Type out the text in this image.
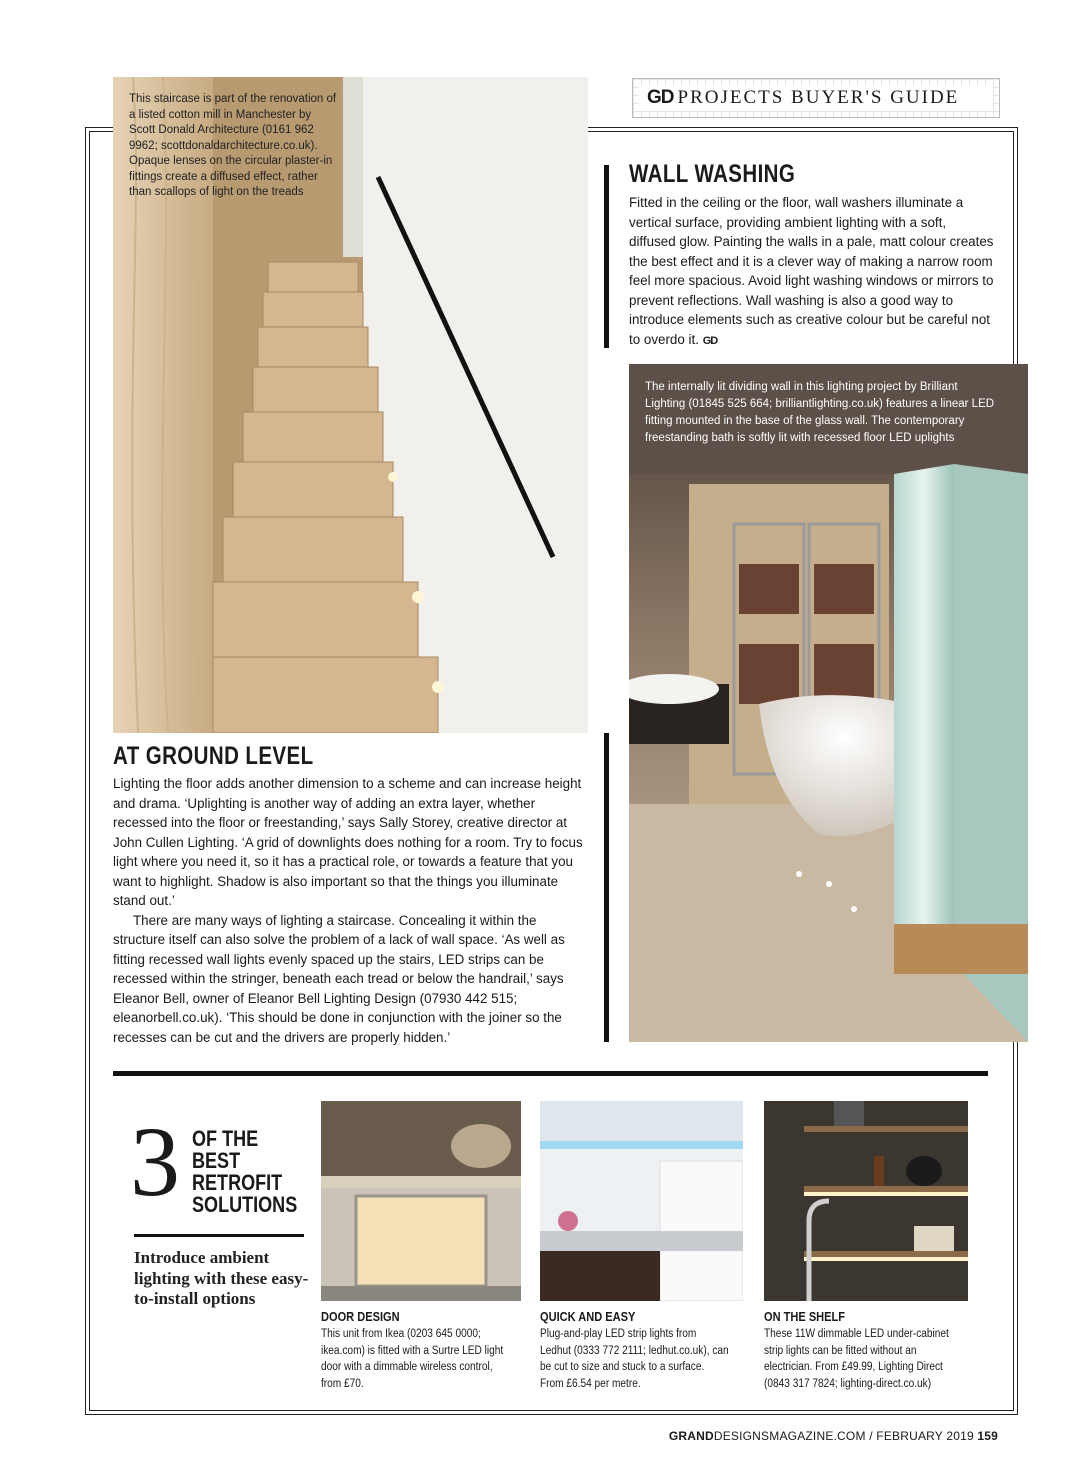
GD PROJECTS BUYER'S GUIDE
This staircase is part of the renovation of a listed cotton mill in Manchester by Scott Donald Architecture (0161 962 9962; scottdonaldarchitecture.co.uk). Opaque lenses on the circular plaster-in fittings create a diffused effect, rather than scallops of light on the treads
WALL WASHING
Fitted in the ceiling or the floor, wall washers illuminate a vertical surface, providing ambient lighting with a soft, diffused glow. Painting the walls in a pale, matt colour creates the best effect and it is a clever way of making a narrow room feel more spacious. Avoid light washing windows or mirrors to prevent reflections. Wall washing is also a good way to introduce elements such as creative colour but be careful not to overdo it. GD
The internally lit dividing wall in this lighting project by Brilliant Lighting (01845 525 664; brilliantlighting.co.uk) features a linear LED fitting mounted in the base of the glass wall. The contemporary freestanding bath is softly lit with recessed floor LED uplights
AT GROUND LEVEL

Lighting the floor adds another dimension to a scheme and can increase height and drama. ‘Uplighting is another way of adding an extra layer, whether recessed into the floor or freestanding,’ says Sally Storey, creative director at John Cullen Lighting. ‘A grid of downlights does nothing for a room. Try to focus light where you need it, so it has a practical role, or towards a feature that you want to highlight. Shadow is also important so that the things you illuminate stand out.’

There are many ways of lighting a staircase. Concealing it within the structure itself can also solve the problem of a lack of wall space. ‘As well as fitting recessed wall lights evenly spaced up the stairs, LED strips can be recessed within the stringer, beneath each tread or below the handrail,’ says Eleanor Bell, owner of Eleanor Bell Lighting Design (07930 442 515; eleanorbell.co.uk). ‘This should be done in conjunction with the joiner so the recesses can be cut and the drivers are properly hidden.’

3 OF THE
BEST
RETROFIT
SOLUTIONS
Introduce ambient lighting with these easy-to-install options
DOOR DESIGN

This unit from Ikea (0203 645 0000; ikea.com) is fitted with a Surtre LED light door with a dimmable wireless control, from £70.

QUICK AND EASY

Plug-and-play LED strip lights from Ledhut (0333 772 2111; ledhut.co.uk), can be cut to size and stuck to a surface. From £6.54 per metre.

ON THE SHELF

These 11W dimmable LED under-cabinet strip lights can be fitted without an electrician. From £49.99, Lighting Direct (0843 317 7824; lighting-direct.co.uk)

GRANDDESIGNSMAGAZINE.COM / FEBRUARY 2019 159
